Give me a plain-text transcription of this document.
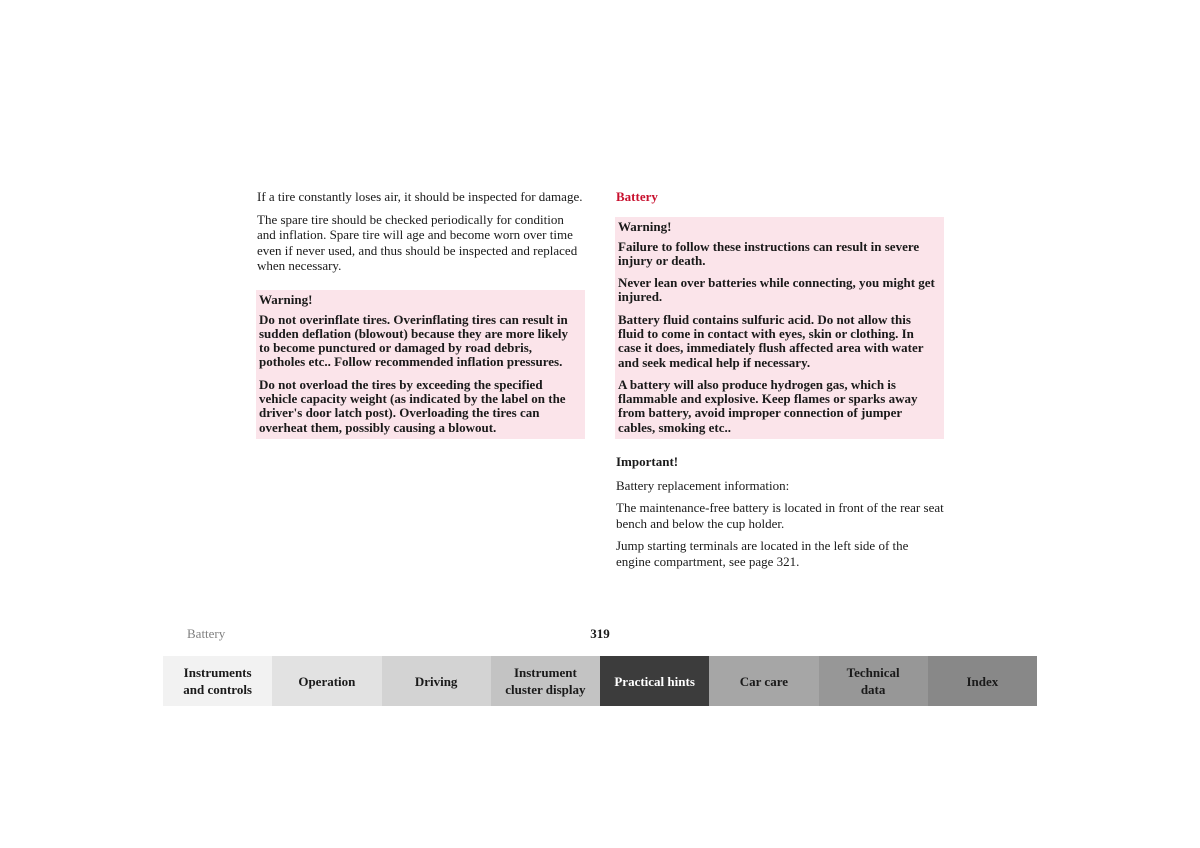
If a tire constantly loses air, it should be inspected for damage.

The spare tire should be checked periodically for condition and inflation. Spare tire will age and become worn over time even if never used, and thus should be inspected and replaced when necessary.

Warning!

Do not overinflate tires. Overinflating tires can result in sudden deflation (blowout) because they are more likely to become punctured or damaged by road debris, potholes etc.. Follow recommended inflation pressures.

Do not overload the tires by exceeding the specified vehicle capacity weight (as indicated by the label on the driver's door latch post). Overloading the tires can overheat them, possibly causing a blowout.

Battery

Warning!

Failure to follow these instructions can result in severe injury or death.

Never lean over batteries while connecting, you might get injured.

Battery fluid contains sulfuric acid. Do not allow this fluid to come in contact with eyes, skin or clothing. In case it does, immediately flush affected area with water and seek medical help if necessary.

A battery will also produce hydrogen gas, which is flammable and explosive. Keep flames or sparks away from battery, avoid improper connection of jumper cables, smoking etc..

Important!

Battery replacement information:

The maintenance-free battery is located in front of the rear seat bench and below the cup holder.

Jump starting terminals are located in the left side of the engine compartment, see page 321.

Battery	319
Instruments
and controls
Operation	Driving
Instrument
cluster display
Practical hints	Car care
Technical
data
Index
